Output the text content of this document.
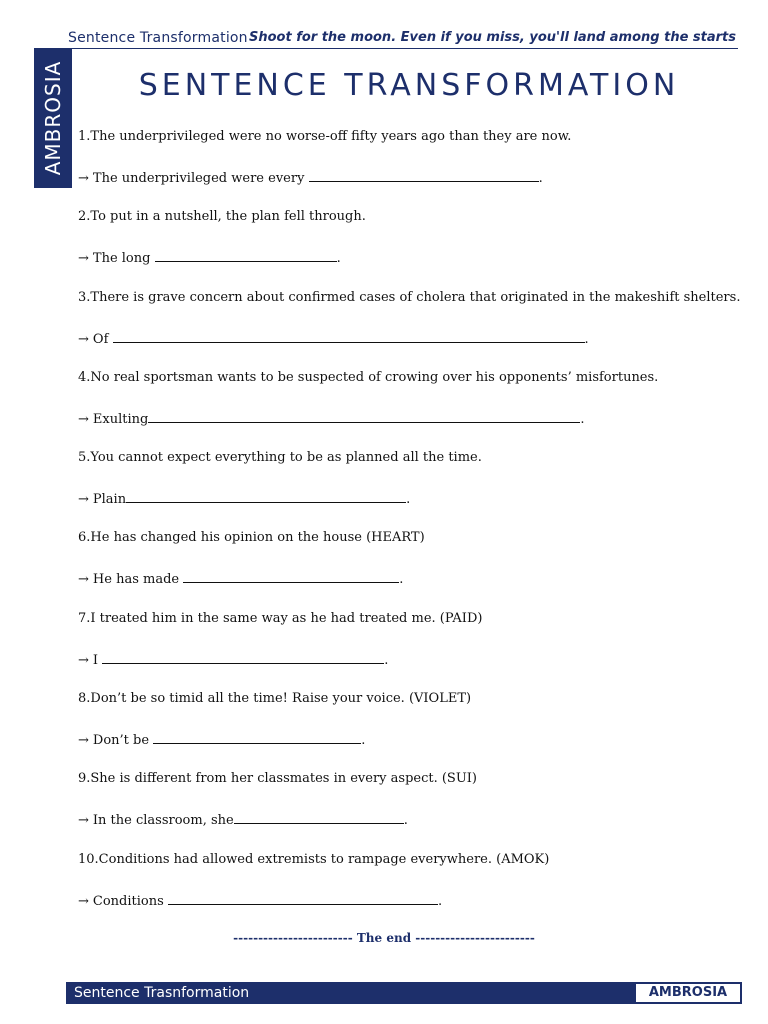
Sentence Transformation Shoot for the moon. Even if you miss, you'll land among the starts
AMBROSIA	SENTENCE TRANSFORMATION
1.The underprivileged were no worse-off fifty years ago than they are now.
→ The underprivileged were every	.
2.To put in a nutshell, the plan fell through.
→ The long	.
3.There is grave concern about confirmed cases of cholera that originated in the makeshift shelters.
→ Of	.
4.No real sportsman wants to be suspected of crowing over his opponents’ misfortunes.
→ Exulting	.
5.You cannot expect everything to be as planned all the time.
→ Plain	.
6.He has changed his opinion on the house (HEART)
→ He has made	.
7.I treated him in the same way as he had treated me. (PAID)
→ I	.
8.Don’t be so timid all the time! Raise your voice. (VIOLET)
→ Don’t be	.
9.She is different from her classmates in every aspect. (SUI)
→ In the classroom, she	.
10.Conditions had allowed extremists to rampage everywhere. (AMOK)
→ Conditions	.
------------------------ The end ------------------------
Sentence Trasnformation	AMBROSIA
